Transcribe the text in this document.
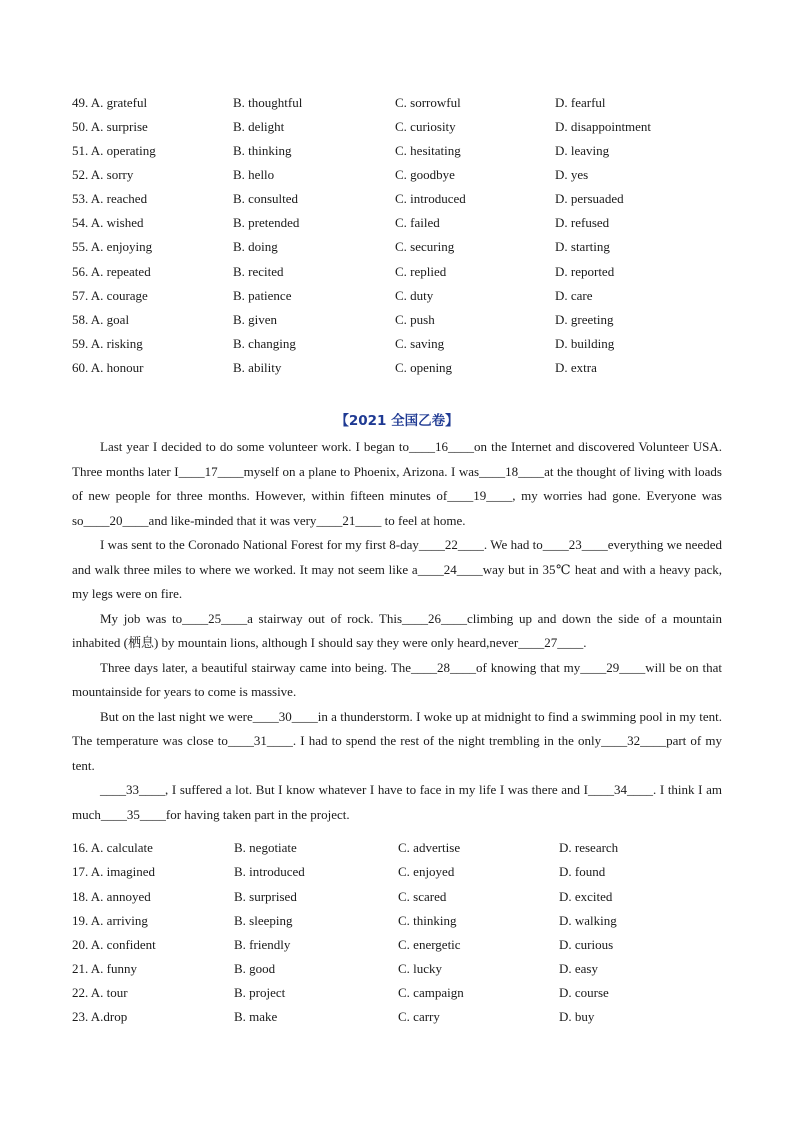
49. A. grateful	B. thoughtful	C. sorrowful	D. fearful
50. A. surprise	B. delight	C. curiosity	D. disappointment
51. A. operating	B. thinking	C. hesitating	D. leaving
52. A. sorry	B. hello	C. goodbye	D. yes
53. A. reached	B. consulted	C. introduced	D. persuaded
54. A. wished	B. pretended	C. failed	D. refused
55. A. enjoying	B. doing	C. securing	D. starting
56. A. repeated	B. recited	C. replied	D. reported
57. A. courage	B. patience	C. duty	D. care
58. A. goal	B. given	C. push	D. greeting
59. A. risking	B. changing	C. saving	D. building
60. A. honour	B. ability	C. opening	D. extra
【2021 全国乙卷】

Last year I decided to do some volunteer work. I began to____16____on the Internet and discovered Volunteer USA. Three months later I____17____myself on a plane to Phoenix, Arizona. I was____18____at the thought of living with loads of new people for three months. However, within fifteen minutes of____19____, my worries had gone. Everyone was so____20____and like-minded that it was very____21____ to feel at home.

I was sent to the Coronado National Forest for my first 8-day____22____. We had to____23____everything we needed and walk three miles to where we worked. It may not seem like a____24____way but in 35℃ heat and with a heavy pack, my legs were on fire.

My job was to____25____a stairway out of rock. This____26____climbing up and down the side of a mountain inhabited (栖息) by mountain lions, although I should say they were only heard,never____27____.

Three days later, a beautiful stairway came into being. The____28____of knowing that my____29____will be on that mountainside for years to come is massive.

But on the last night we were____30____in a thunderstorm. I woke up at midnight to find a swimming pool in my tent. The temperature was close to____31____. I had to spend the rest of the night trembling in the only____32____part of my tent.

____33____, I suffered a lot. But I know whatever I have to face in my life I was there and I____34____. I think I am much____35____for having taken part in the project.

16. A. calculate	B. negotiate	C. advertise	D. research
17. A. imagined	B. introduced	C. enjoyed	D. found
18. A. annoyed	B. surprised	C. scared	D. excited
19. A. arriving	B. sleeping	C. thinking	D. walking
20. A. confident	B. friendly	C. energetic	D. curious
21. A. funny	B. good	C. lucky	D. easy
22. A. tour	B. project	C. campaign	D. course
23. A.drop	B. make	C. carry	D. buy
